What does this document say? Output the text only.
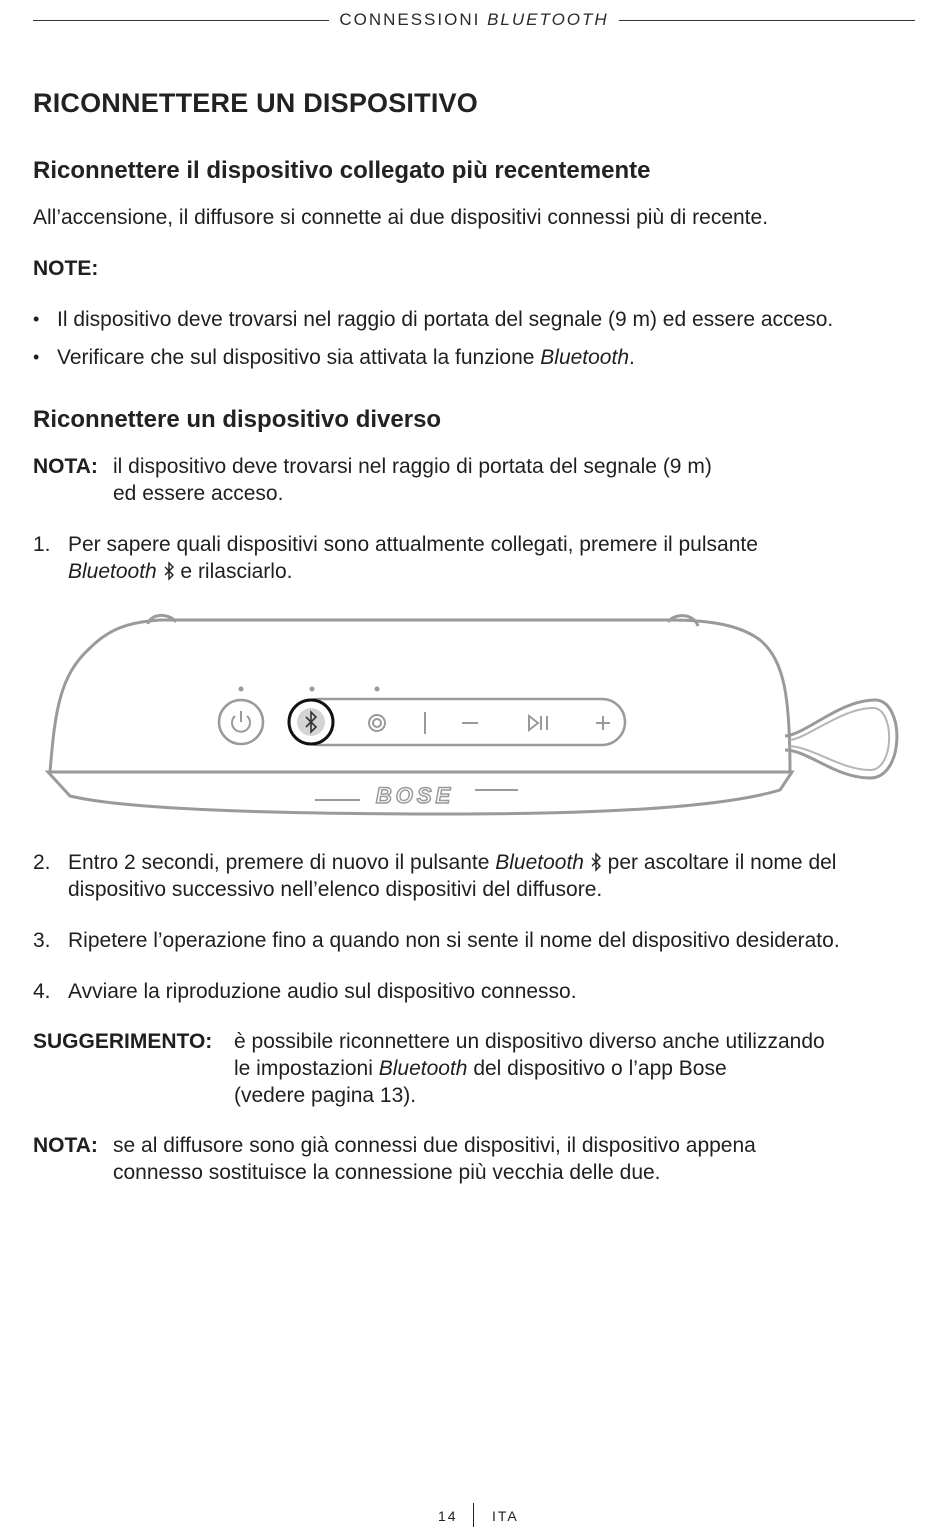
CONNESSIONI BLUETOOTH
RICONNETTERE UN DISPOSITIVO
Riconnettere il dispositivo collegato più recentemente

All’accensione, il diffusore si connette ai due dispositivi connessi più di recente.

NOTE:

• Il dispositivo deve trovarsi nel raggio di portata del segnale (9 m) ed essere acceso.
• Verificare che sul dispositivo sia attivata la funzione Bluetooth.
Riconnettere un dispositivo diverso
NOTA: il dispositivo deve trovarsi nel raggio di portata del segnale (9 m)
ed essere acceso.
1. Per sapere quali dispositivi sono attualmente collegati, premere il pulsante
Bluetooth  e rilasciarlo.
BOSE
2. Entro 2 secondi, premere di nuovo il pulsante Bluetooth  per ascoltare il nome del
dispositivo successivo nell’elenco dispositivi del diffusore.
3. Ripetere l’operazione fino a quando non si sente il nome del dispositivo desiderato.
4. Avviare la riproduzione audio sul dispositivo connesso.
SUGGERIMENTO: è possibile riconnettere un dispositivo diverso anche utilizzando
le impostazioni Bluetooth del dispositivo o l’app Bose
(vedere pagina 13).
NOTA: se al diffusore sono già connessi due dispositivi, il dispositivo appena
connesso sostituisce la connessione più vecchia delle due.
14 ITA
